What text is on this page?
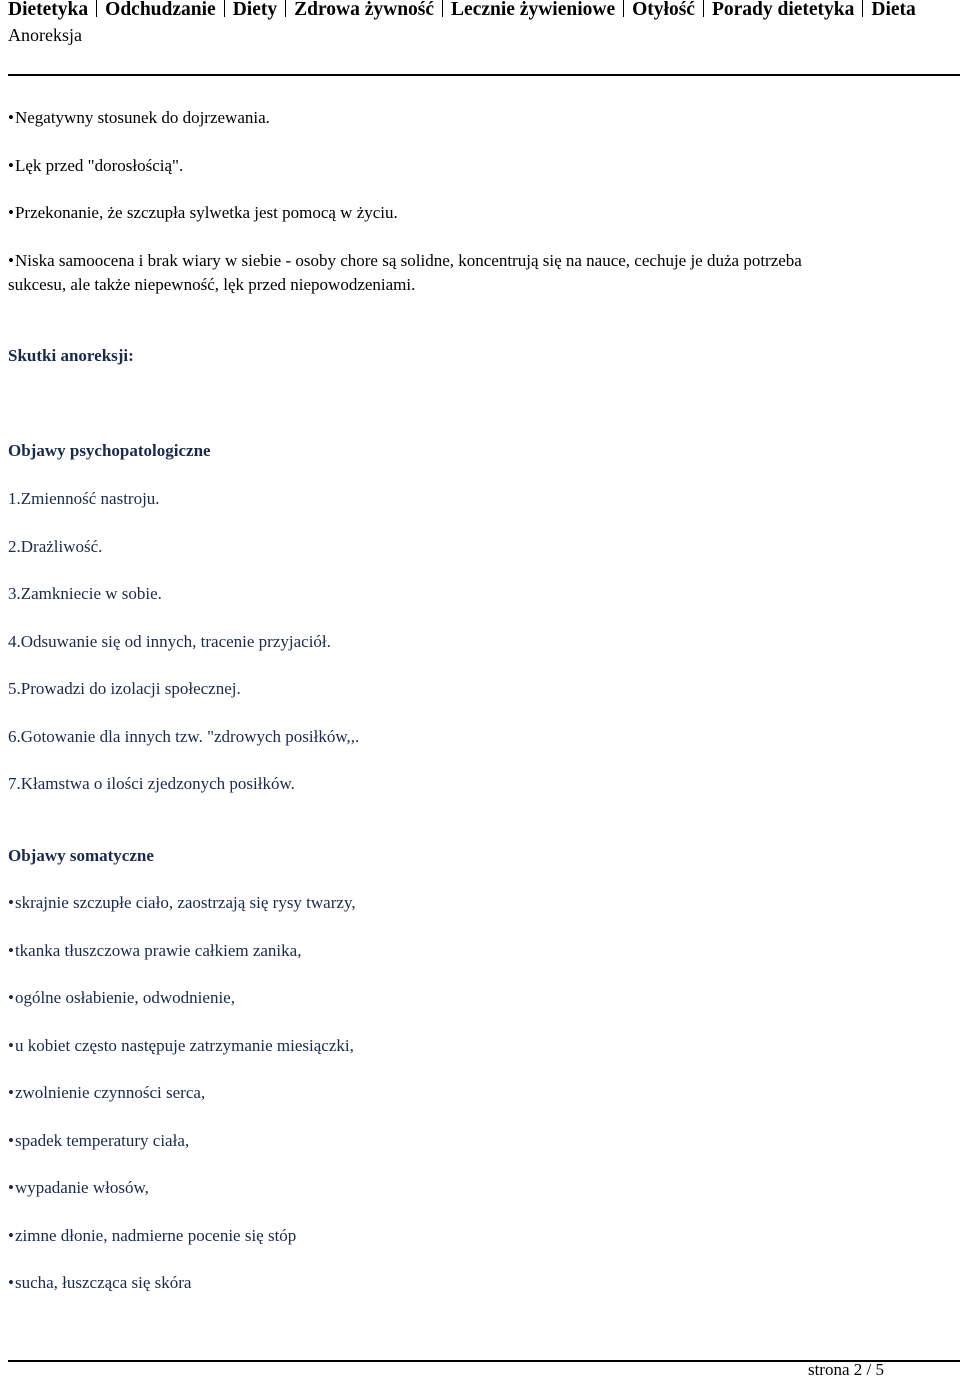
Dietetyka Odchudzanie Diety Zdrowa żywność Lecznie żywieniowe Otyłość Porady dietetyka Dieta
Anoreksja
• Negatywny stosunek do dojrzewania.
• Lęk przed "dorosłością".
• Przekonanie, że szczupła sylwetka jest pomocą w życiu.
• Niska samoocena i brak wiary w siebie - osoby chore są solidne, koncentrują się na nauce, cechuje je duża potrzeba
sukcesu, ale także niepewność, lęk przed niepowodzeniami.
Skutki anoreksji:
Objawy psychopatologiczne
1.Zmienność nastroju.
2.Drażliwość.
3.Zamkniecie w sobie.
4.Odsuwanie się od innych, tracenie przyjaciół.
5.Prowadzi do izolacji społecznej.
6.Gotowanie dla innych tzw. "zdrowych posiłków,,.
7.Kłamstwa o ilości zjedzonych posiłków.
Objawy somatyczne
• skrajnie szczupłe ciało, zaostrzają się rysy twarzy,
• tkanka tłuszczowa prawie całkiem zanika,
• ogólne osłabienie, odwodnienie,
• u kobiet często następuje zatrzymanie miesiączki,
• zwolnienie czynności serca,
• spadek temperatury ciała,
• wypadanie włosów,
• zimne dłonie, nadmierne pocenie się stóp
• sucha, łuszcząca się skóra
strona 2 / 5
